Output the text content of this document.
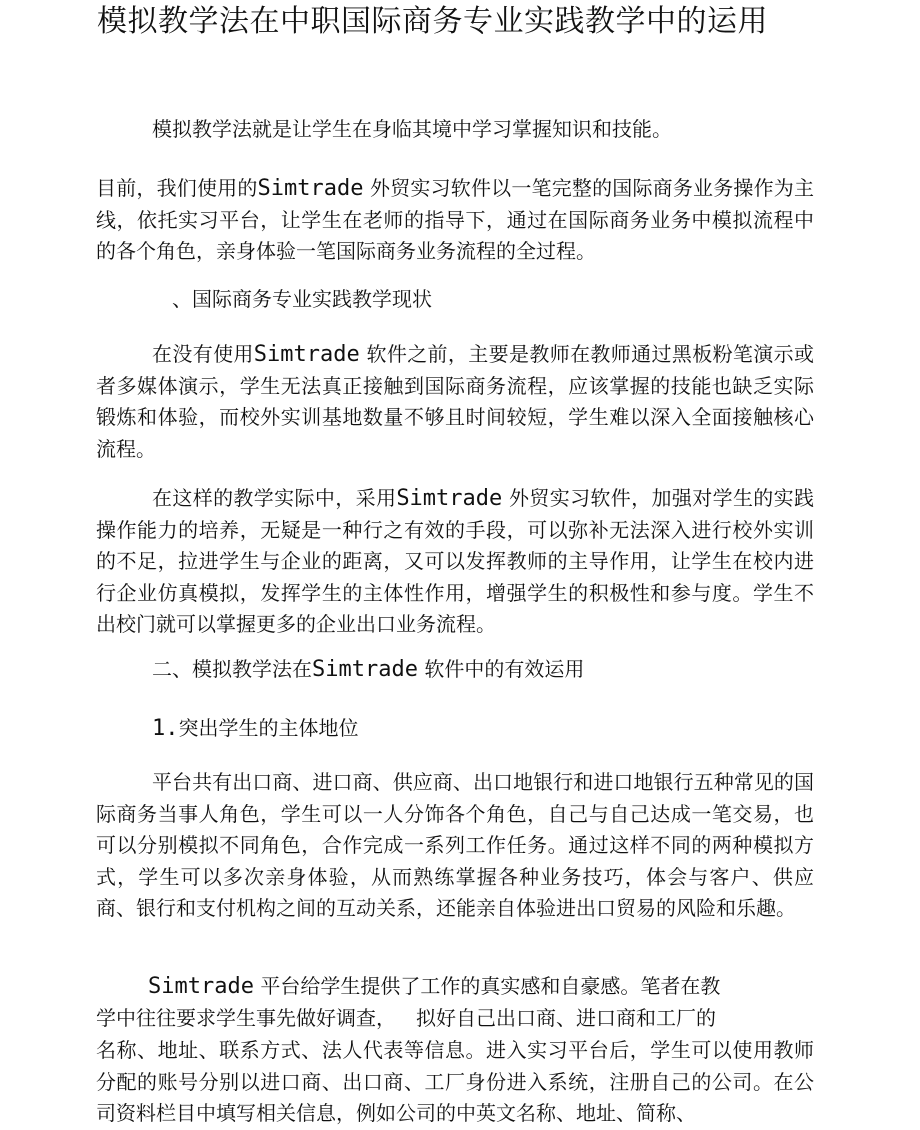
模拟教学法在中职国际商务专业实践教学中的运用

模拟教学法就是让学生在身临其境中学习掌握知识和技能。

目前，我们使用的Simtrade 外贸实习软件以一笔完整的国际商务业务操作为主线，依托实习平台，让学生在老师的指导下，通过在国际商务业务中模拟流程中的各个角色，亲身体验一笔国际商务业务流程的全过程。

、国际商务专业实践教学现状

在没有使用Simtrade 软件之前，主要是教师在教师通过黑板粉笔演示或者多媒体演示，学生无法真正接触到国际商务流程，应该掌握的技能也缺乏实际锻炼和体验，而校外实训基地数量不够且时间较短，学生难以深入全面接触核心流程。

在这样的教学实际中，采用Simtrade 外贸实习软件，加强对学生的实践操作能力的培养，无疑是一种行之有效的手段，可以弥补无法深入进行校外实训的不足，拉进学生与企业的距离，又可以发挥教师的主导作用，让学生在校内进行企业仿真模拟，发挥学生的主体性作用，增强学生的积极性和参与度。学生不出校门就可以掌握更多的企业出口业务流程。

二、模拟教学法在Simtrade 软件中的有效运用
1.突出学生的主体地位

平台共有出口商、进口商、供应商、出口地银行和进口地银行五种常见的国际商务当事人角色，学生可以一人分饰各个角色，自己与自己达成一笔交易，也可以分别模拟不同角色，合作完成一系列工作任务。通过这样不同的两种模拟方式，学生可以多次亲身体验，从而熟练掌握各种业务技巧，体会与客户、供应商、银行和支付机构之间的互动关系，还能亲自体验进出口贸易的风险和乐趣。

Simtrade 平台给学生提供了工作的真实感和自豪感。笔者在教

学中往往要求学生事先做好调查， 拟好自己出口商、进口商和工厂的

名称、地址、联系方式、法人代表等信息。进入实习平台后，学生可以使用教师分配的账号分别以进口商、出口商、工厂身份进入系统，注册自己的公司。在公司资料栏目中填写相关信息，例如公司的中英文名称、地址、简称、
